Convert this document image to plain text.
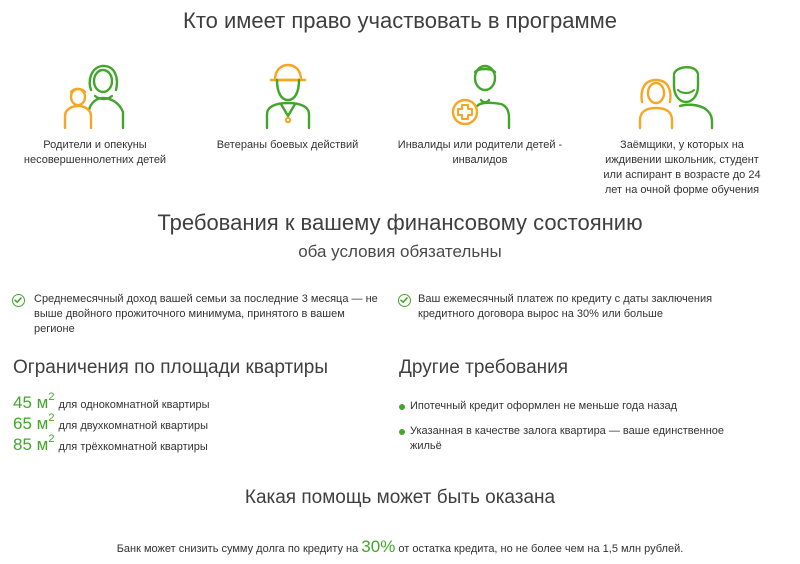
Кто имеет право участвовать в программе
Родители и опекуны несовершеннолетних детей
Ветераны боевых действий	Инвалиды или родители детей - инвалидов
Заёмщики, у которых на иждивении школьник, студент или аспирант в возрасте до 24 лет на очной форме обучения
Требования к вашему финансовому состоянию
оба условия обязательны
Среднемесячный доход вашей семьи за последние 3 месяца — не выше двойного прожиточного минимума, принятого в вашем регионе
Ваш ежемесячный платеж по кредиту с даты заключения кредитного договора вырос на 30% или больше
Ограничения по площади квартиры
45 $м^2для$ однокомнатной квартиры
65 $м^2для$ двухкомнатной квартиры
85 $м^2для$ трёхкомнатной квартиры
Другие требования
Ипотечный кредит оформлен не меньше года назад
Указанная в качестве залога квартира — ваше единственное жильё
Какая помощь может быть оказана
Банк может снизить сумму долга по кредиту на 30% от остатка кредита, но не более чем на 1,5 млн рублей.
